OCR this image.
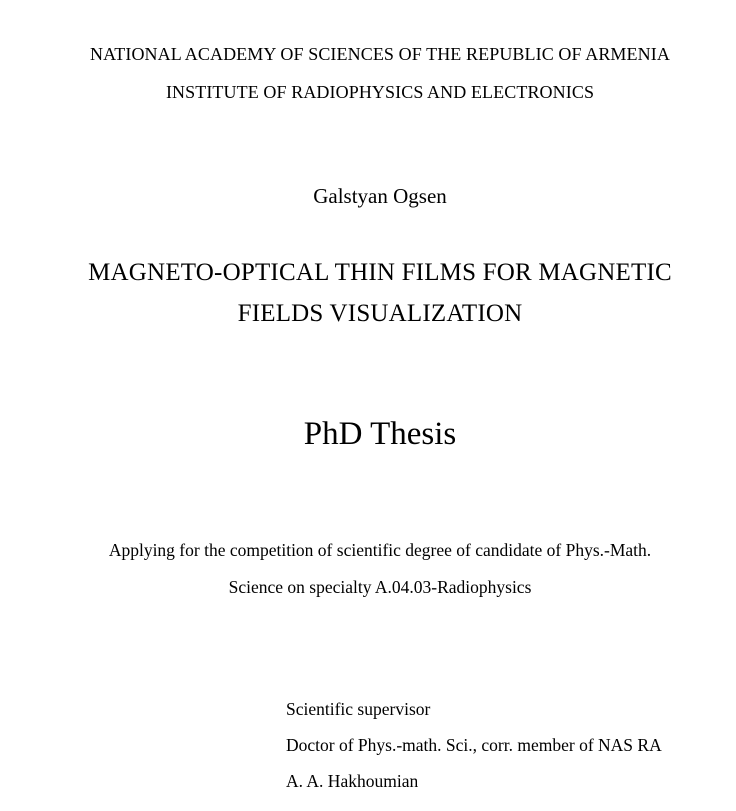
NATIONAL ACADEMY OF SCIENCES OF THE REPUBLIC OF ARMENIA
INSTITUTE OF RADIOPHYSICS AND ELECTRONICS
Galstyan Ogsen
MAGNETO-OPTICAL THIN FILMS FOR MAGNETIC
FIELDS VISUALIZATION
PhD Thesis
Applying for the competition of scientific degree of candidate of Phys.-Math.
Science on specialty A.04.03-Radiophysics
Scientific supervisor
Doctor of Phys.-math. Sci., corr. member of NAS RA
A. A. Hakhoumian
